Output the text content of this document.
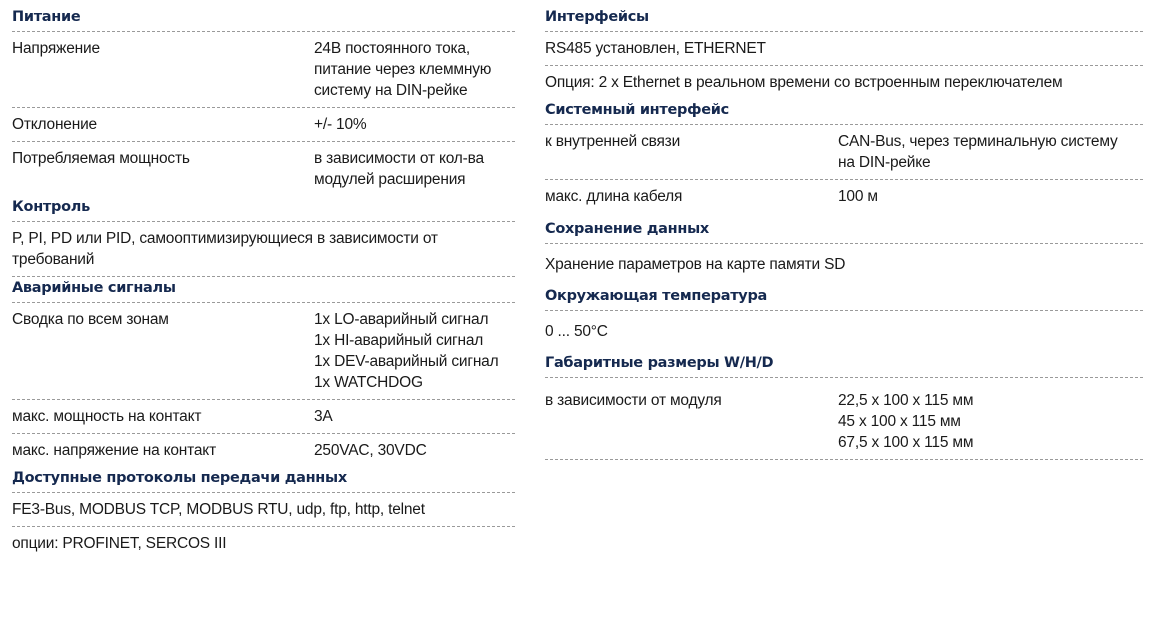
Питание
Напряжение	24В постоянного тока,
питание через клеммную
систему на DIN-рейке
Отклонение	+/- 10%
Потребляемая мощность	в зависимости от кол-ва
модулей расширения
Контроль
P, PI, PD или PID, самооптимизирующиеся в зависимости от
требований
Аварийные сигналы
Сводка по всем зонам	1x LO-аварийный сигнал
1x HI-аварийный сигнал
1x DEV-аварийный сигнал
1x WATCHDOG
макс. мощность на контакт	3A
макс. напряжение на контакт	250VAC, 30VDC
Доступные протоколы передачи данных
FE3-Bus, MODBUS TCP, MODBUS RTU, udp, ftp, http, telnet
опции: PROFINET, SERCOS III
Интерфейсы
RS485 установлен, ETHERNET
Опция: 2 x Ethernet в реальном времени со встроенным переключателем
Системный интерфейс
к внутренней связи	CAN-Bus, через терминальную систему
на DIN-рейке
макс. длина кабеля	100 м
Сохранение данных
Хранение параметров на карте памяти SD
Окружающая температура
0 ... 50°C
Габаритные размеры W/H/D
в зависимости от модуля	22,5 x 100 x 115 мм
45 x 100 x 115 мм
67,5 x 100 x 115 мм
